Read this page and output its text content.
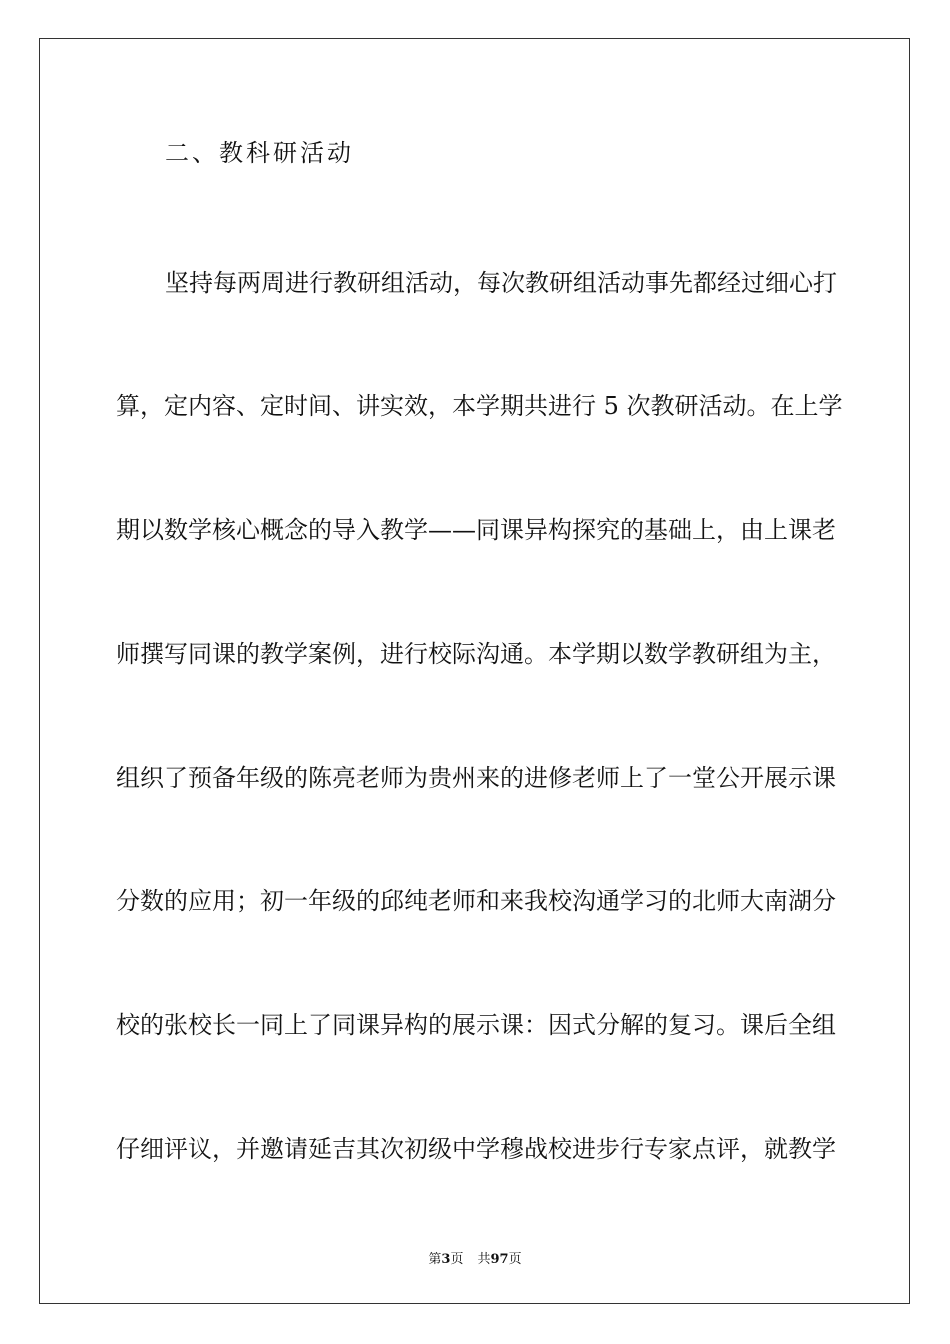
二、教科研活动
坚持每两周进行教研组活动，每次教研组活动事先都经过细心打
算，定内容、定时间、讲实效，本学期共进行 5 次教研活动。在上学
期以数学核心概念的导入教学——同课异构探究的基础上，由上课老
师撰写同课的教学案例，进行校际沟通。本学期以数学教研组为主，
组织了预备年级的陈亮老师为贵州来的进修老师上了一堂公开展示课
分数的应用；初一年级的邱纯老师和来我校沟通学习的北师大南湖分
校的张校长一同上了同课异构的展示课：因式分解的复习。课后全组
仔细评议，并邀请延吉其次初级中学穆战校进步行专家点评，就教学
第3页 共97页
